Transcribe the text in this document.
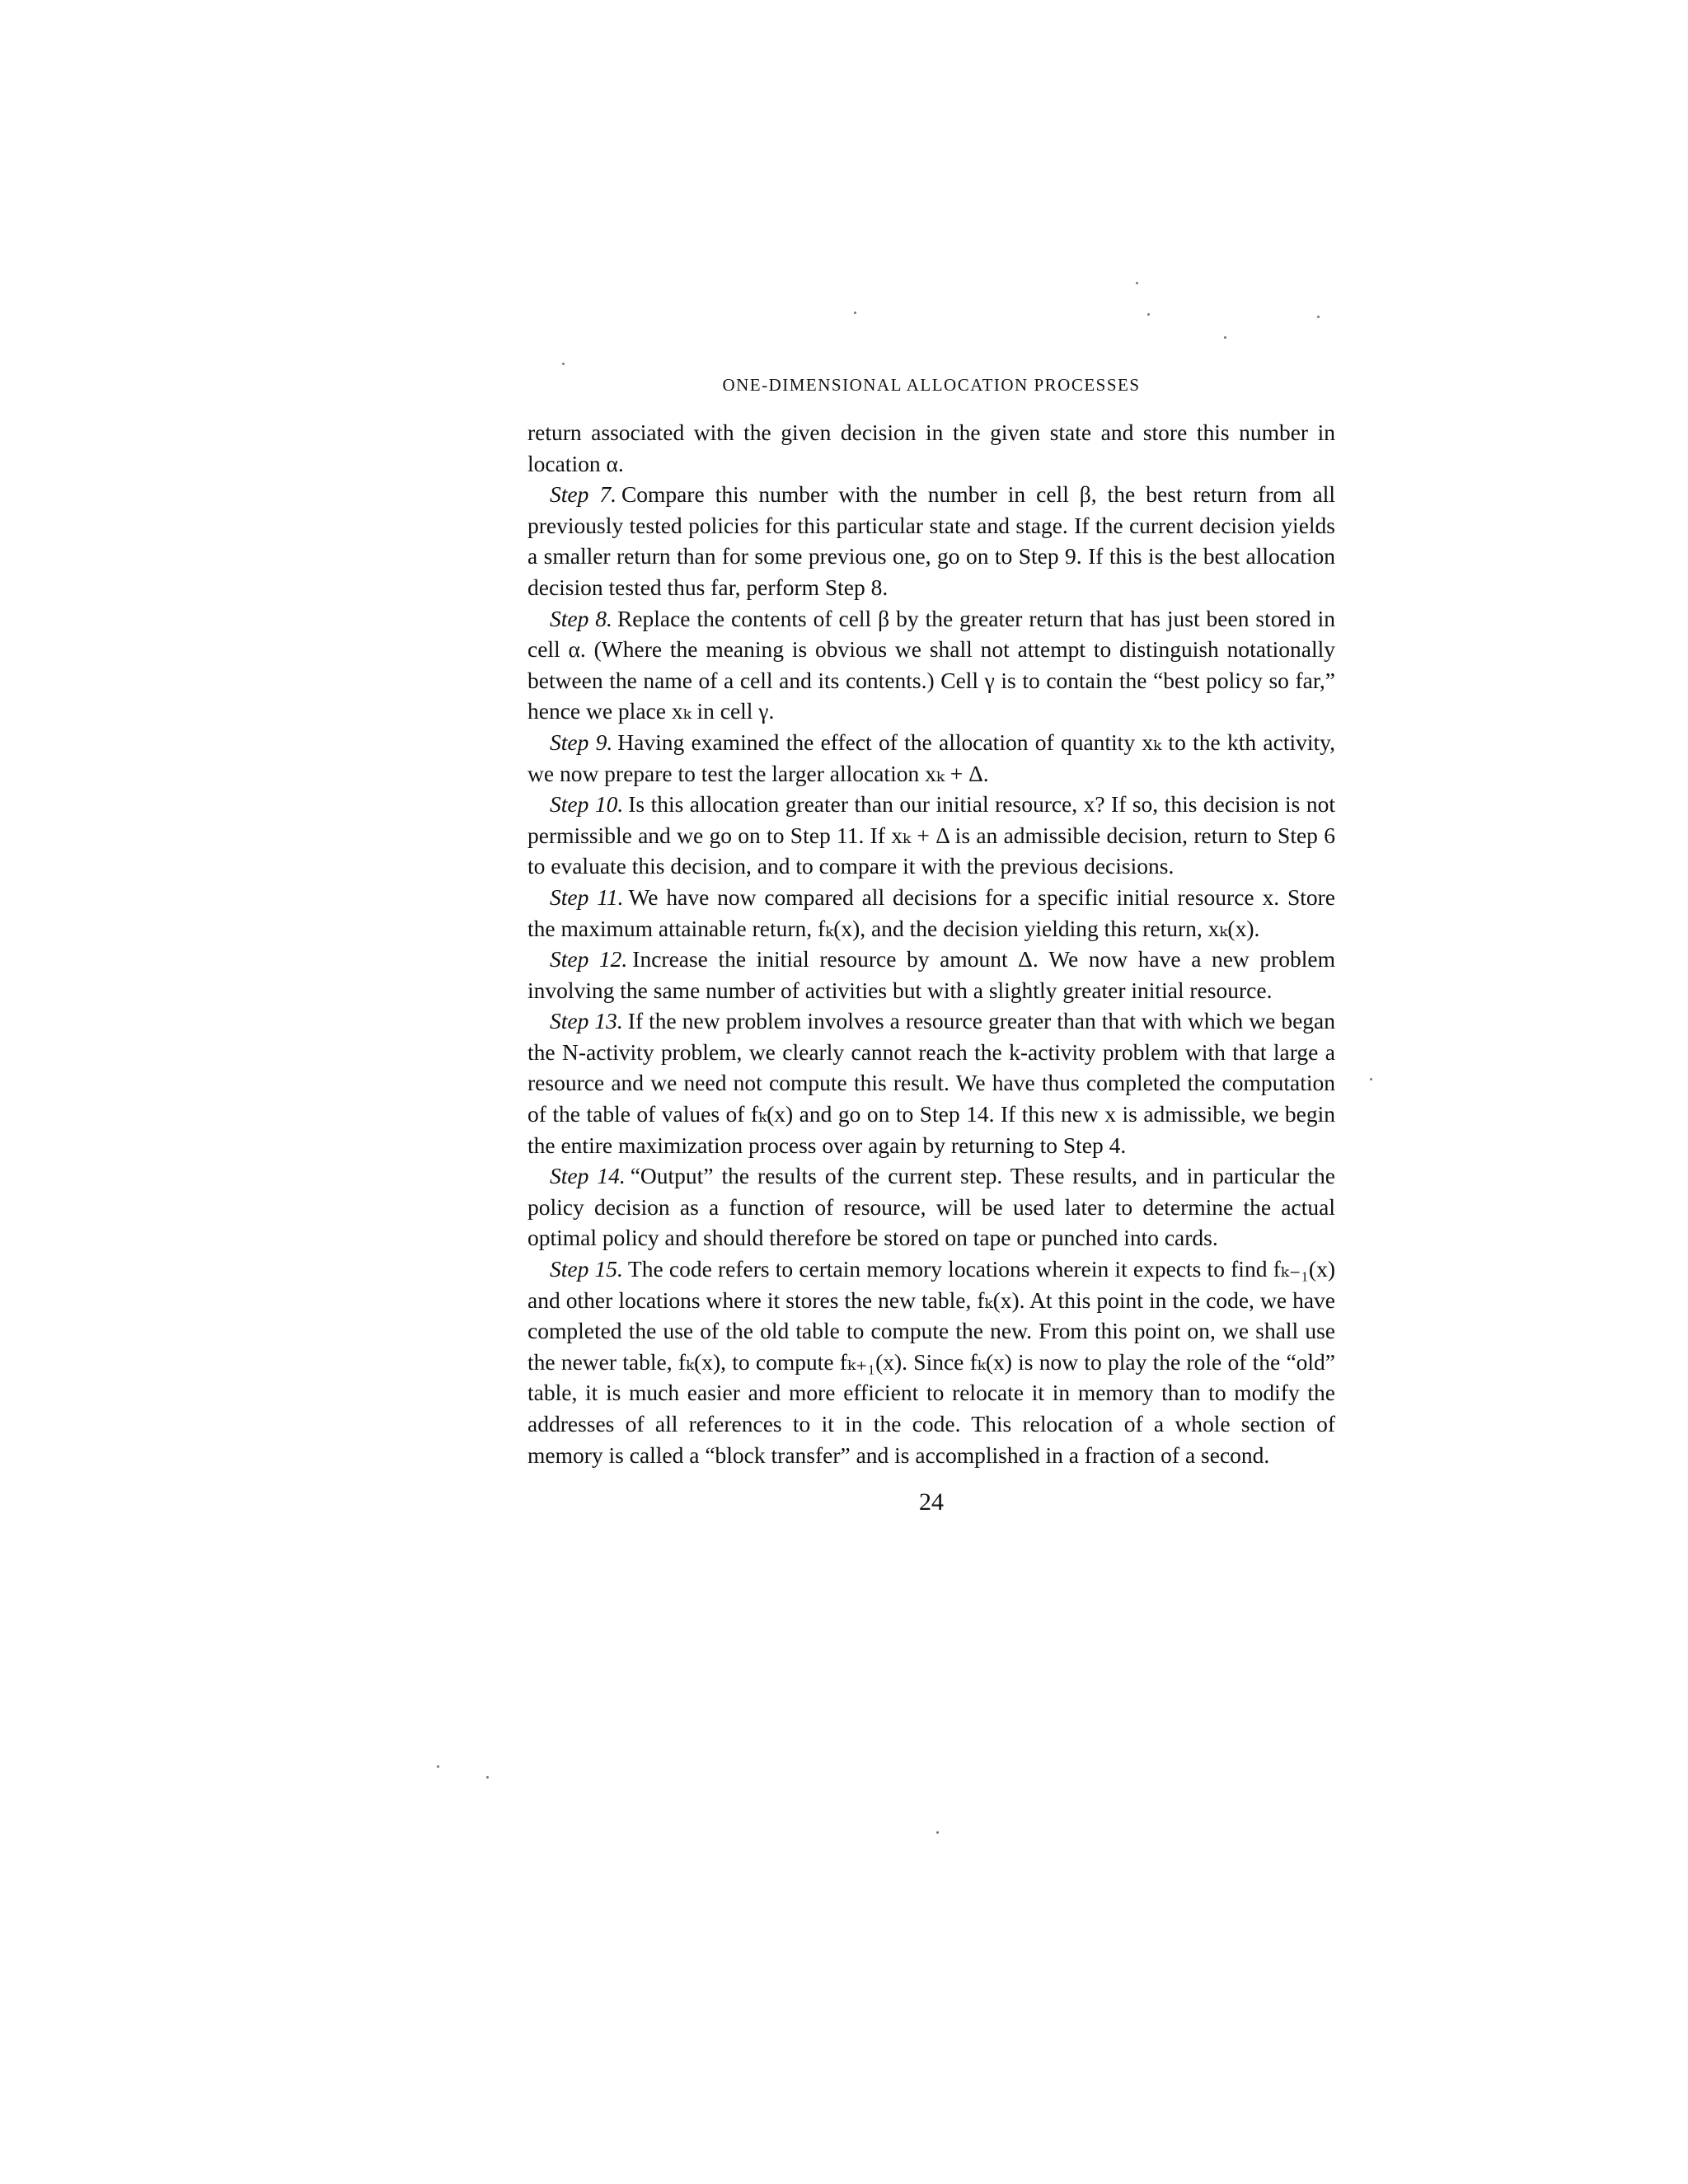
ONE-DIMENSIONAL ALLOCATION PROCESSES

return associated with the given decision in the given state and store this number in location α.

Step 7. Compare this number with the number in cell β, the best return from all previously tested policies for this particular state and stage. If the current decision yields a smaller return than for some previous one, go on to Step 9. If this is the best allocation decision tested thus far, perform Step 8.

Step 8. Replace the contents of cell β by the greater return that has just been stored in cell α. (Where the meaning is obvious we shall not attempt to distinguish notationally between the name of a cell and its contents.) Cell γ is to contain the “best policy so far,” hence we place xₖ in cell γ.

Step 9. Having examined the effect of the allocation of quantity xₖ to the kth activity, we now prepare to test the larger allocation xₖ + Δ.

Step 10. Is this allocation greater than our initial resource, x? If so, this decision is not permissible and we go on to Step 11. If xₖ + Δ is an admissible decision, return to Step 6 to evaluate this decision, and to compare it with the previous decisions.

Step 11. We have now compared all decisions for a specific initial resource x. Store the maximum attainable return, fₖ(x), and the decision yielding this return, xₖ(x).

Step 12. Increase the initial resource by amount Δ. We now have a new problem involving the same number of activities but with a slightly greater initial resource.

Step 13. If the new problem involves a resource greater than that with which we began the N-activity problem, we clearly cannot reach the k-activity problem with that large a resource and we need not compute this result. We have thus completed the computation of the table of values of fₖ(x) and go on to Step 14. If this new x is admissible, we begin the entire maximization process over again by returning to Step 4.

Step 14. “Output” the results of the current step. These results, and in particular the policy decision as a function of resource, will be used later to determine the actual optimal policy and should therefore be stored on tape or punched into cards.

Step 15. The code refers to certain memory locations wherein it expects to find fₖ₋₁(x) and other locations where it stores the new table, fₖ(x). At this point in the code, we have completed the use of the old table to compute the new. From this point on, we shall use the newer table, fₖ(x), to compute fₖ₊₁(x). Since fₖ(x) is now to play the role of the “old” table, it is much easier and more efficient to relocate it in memory than to modify the addresses of all references to it in the code. This relocation of a whole section of memory is called a “block transfer” and is accomplished in a fraction of a second.

24
